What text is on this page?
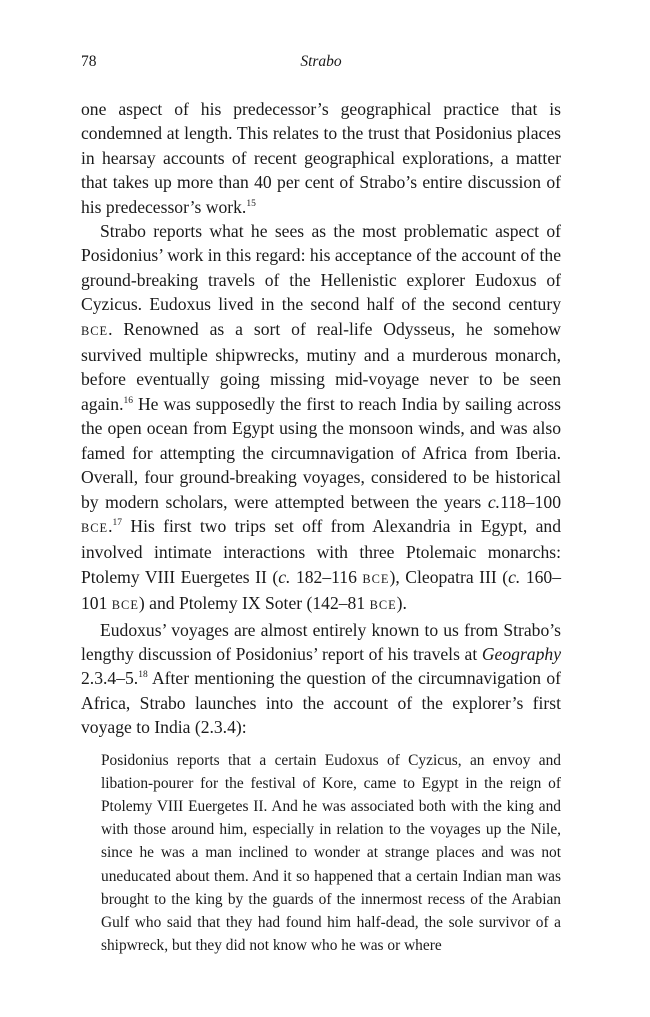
78	Strabo

one aspect of his predecessor’s geographical practice that is condemned at length. This relates to the trust that Posidonius places in hearsay accounts of recent geographical explorations, a matter that takes up more than 40 per cent of Strabo’s entire discussion of his predecessor’s work.$^{15}$

Strabo reports what he sees as the most problematic aspect of Posidonius’ work in this regard: his acceptance of the account of the ground-breaking travels of the Hellenistic explorer Eudoxus of Cyzicus. Eudoxus lived in the second half of the second century BCE. Renowned as a sort of real-life Odysseus, he somehow survived multiple shipwrecks, mutiny and a murderous monarch, before eventually going missing mid-voyage never to be seen again.$^{16}$ He was supposedly the first to reach India by sailing across the open ocean from Egypt using the monsoon winds, and was also famed for attempting the circumnavigation of Africa from Iberia. Overall, four ground-breaking voyages, considered to be historical by modern scholars, were attempted between the years c.118–100 BCE.$^{17}$ His first two trips set off from Alexandria in Egypt, and involved intimate interactions with three Ptolemaic monarchs: Ptolemy VIII Euergetes II (c. 182–116 BCE), Cleopatra III (c. 160–101 BCE) and Ptolemy IX Soter (142–81 BCE).

Eudoxus’ voyages are almost entirely known to us from Strabo’s lengthy discussion of Posidonius’ report of his travels at Geography 2.3.4–5.18 After mentioning the question of the circumnavigation of Africa, Strabo launches into the account of the explorer’s first voyage to India (2.3.4):

Posidonius reports that a certain Eudoxus of Cyzicus, an envoy and libation-pourer for the festival of Kore, came to Egypt in the reign of Ptolemy VIII Euergetes II. And he was associated both with the king and with those around him, especially in relation to the voyages up the Nile, since he was a man inclined to wonder at strange places and was not uneducated about them. And it so happened that a certain Indian man was brought to the king by the guards of the innermost recess of the Arabian Gulf who said that they had found him half-dead, the sole survivor of a shipwreck, but they did not know who he was or where
